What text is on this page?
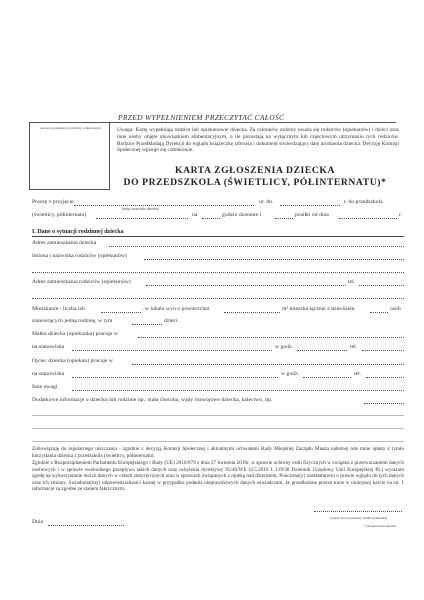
PRZED WYPEŁNIENIEM PRZECZYTAĆ CAŁOŚĆ
pieczęć przedszkola (świetlicy, półinternatu)	Uwaga: Kartę wypełniają rodzice lub opiekunowie dziecka. Za członków rodziny uważa się rodziców (opiekunów) i dzieci oraz inne osoby objęte obowiązkiem alimentacyjnym, o ile pozostają na wyłącznym lub częściowym utrzymaniu tych rodziców. Rodzice Przedkładają Dyrekcji do wglądu książeczkę zdrowia i dokument stwierdzający datę urodzenia dziecka. Decyzję Komisji Społecznej wpisuje się członkowie.
KARTA ZGŁOSZENIA DZIECKA
DO PRZEDSZKOLA (ŚWIETLICY, PÓŁINTERNATU)*
Proszę o przyjęcie	ur. dn.	r. do przedszkola
(imię i nazwisko dziecka)
(świetlicy, półinternatu)	na	godzin dziennie i	posiłki od dnia	r.
I. Dane o sytuacji rodzinnej dziecka
Adres zamieszkania dziecka
Imiona i nazwiska rodziców (opiekunów)
Adres zamieszkania rodziców (opiekunów)	tel.
Mieszkanie - liczba izb	, w lokalu wyn o powierzchni	m² mieszka łącznie z dzieckiem	osób
stanowiących jedną rodzinę, w tym	dzieci.
Matka dziecka (opiekunka) pracuje w
na stanowisku	w godz.	tel.
Ojciec dziecka (opiekun) pracuje w
na stanowisku	w godz.	tel.
Inne uwagi
Dodatkowe informacje o dziecku lub rodzinie np.: stała choroba, wady rozwojowe dziecka, kalectwo, itp.
Zobowiązuję do regularnego uiszczania - zgodnie z decyzją Komisji Społecznej i aktualnymi uchwałami Rady Miejskiej Zarządu Miasta należnej ode mnie opłaty z tytułu korzystania dziecka z przedszkola (świetlicy, półinternatu).
Zgodnie z Rozporządzeniem Parlamentu Europejskiego i Rady (UE) 2016/679 z dnia 27 kwietnia 2016r. w sprawie ochrony osób fizycznych w związku z przetwarzaniem danych osobowych i w sprawie swobodnego przepływu takich danych oraz uchylenia dyrektywy 95/46/WE (4.5.2016 L 119/38 Dziennik Urzędowy Unii Europejskiej PL) wyrażam zgodę na wykorzystanie moich danych w celach statystycznych oraz w sprawach związanych z opieką nad dzieckiem. Pouczona(y) zostałam(em) o prawie wglądu do tych danych oraz ich zmiany. Świadoma(my) odpowiedzialności karnej w przypadku podania nieprawdziwych danych oświadczam, że przedłożone przeze mnie w niniejszej karcie na str. 1 informacje są zgodne ze stanem faktycznym.
Dnia
podpis ojca (opiekuna), matki (opiekunki)
*) niepotrzebne skreślić
